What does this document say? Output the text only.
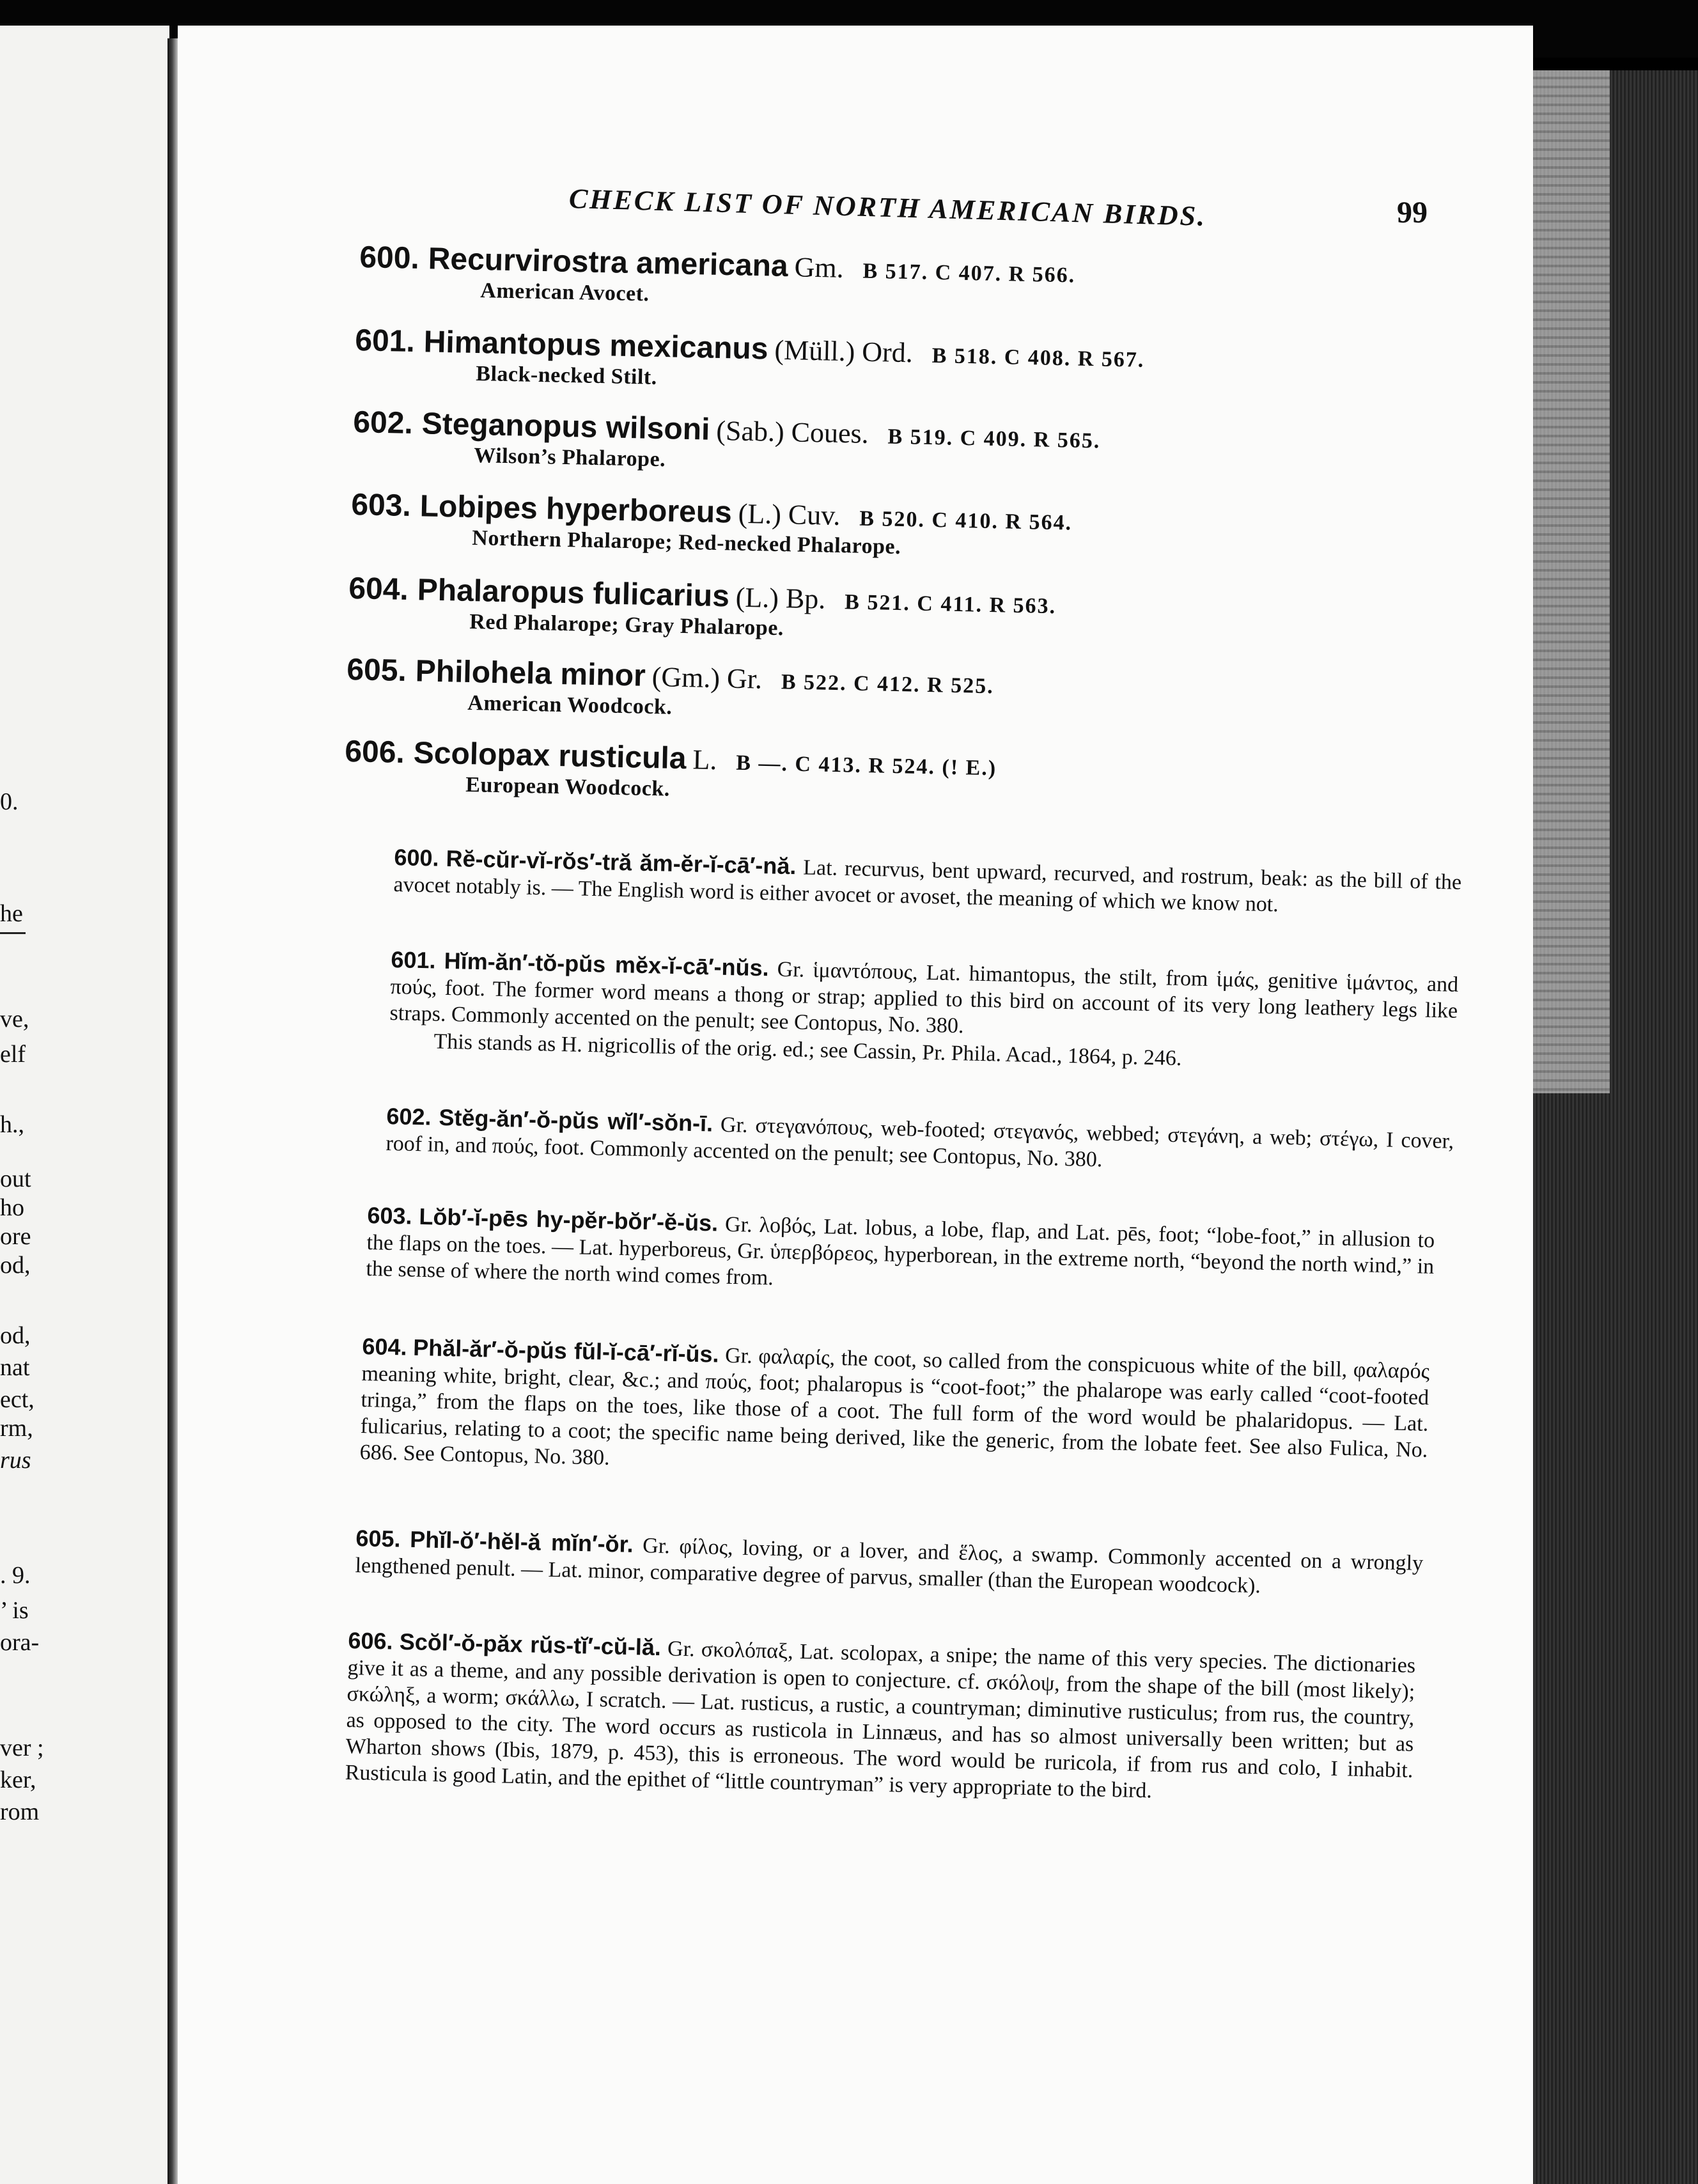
0.
he
ve,
elf
h.,
out
ho
ore
od,
od,
nat
ect,
rm,
rus
. 9.
’ is
ora-
ver ;
ker,
rom
CHECK LIST OF NORTH AMERICAN BIRDS.	99
600. Recurvirostra americana Gm. B 517. C 407. R 566.
American Avocet.
601. Himantopus mexicanus (Müll.) Ord. B 518. C 408. R 567.
Black-necked Stilt.
602. Steganopus wilsoni (Sab.) Coues. B 519. C 409. R 565.
Wilson’s Phalarope.
603. Lobipes hyperboreus (L.) Cuv. B 520. C 410. R 564.
Northern Phalarope; Red-necked Phalarope.
604. Phalaropus fulicarius (L.) Bp. B 521. C 411. R 563.
Red Phalarope; Gray Phalarope.
605. Philohela minor (Gm.) Gr. B 522. C 412. R 525.
American Woodcock.
606. Scolopax rusticula L. B —. C 413. R 524. (! E.)
European Woodcock.
600. Rĕ-cŭr-vĭ-rŏs′-tră ăm-ĕr-ĭ-cā′-nă. Lat. recurvus, bent upward, recurved, and rostrum, beak: as the bill of the avocet notably is. — The English word is either avocet or avoset, the meaning of which we know not.
601. Hĭm-ăn′-tŏ-pŭs mĕx-ĭ-cā′-nŭs. Gr. ἱμαντόπους, Lat. himantopus, the stilt, from ἱμάς, genitive ἱμάντος, and πούς, foot. The former word means a thong or strap; applied to this bird on account of its very long leathery legs like straps. Commonly accented on the penult; see Contopus, No. 380.
This stands as H. nigricollis of the orig. ed.; see Cassin, Pr. Phila. Acad., 1864, p. 246.
602. Stĕg-ăn′-ŏ-pŭs wĭl′-sŏn-ī. Gr. στεγανόπους, web-footed; στεγανός, webbed; στεγάνη, a web; στέγω, I cover, roof in, and πούς, foot. Commonly accented on the penult; see Contopus, No. 380.
603. Lŏb′-ĭ-pēs hy-pĕr-bŏr′-ĕ-ŭs. Gr. λοβός, Lat. lobus, a lobe, flap, and Lat. pēs, foot; “lobe-foot,” in allusion to the flaps on the toes. — Lat. hyperboreus, Gr. ὑπερβόρεος, hyperborean, in the extreme north, “beyond the north wind,” in the sense of where the north wind comes from.
604. Phăl-ăr′-ŏ-pŭs fŭl-ĭ-cā′-rĭ-ŭs. Gr. φαλαρίς, the coot, so called from the conspicuous white of the bill, φαλαρός meaning white, bright, clear, &c.; and πούς, foot; phalaropus is “coot-foot;” the phalarope was early called “coot-footed tringa,” from the flaps on the toes, like those of a coot. The full form of the word would be phalaridopus. — Lat. fulicarius, relating to a coot; the specific name being derived, like the generic, from the lobate feet. See also Fulica, No. 686. See Contopus, No. 380.
605. Phĭl-ŏ′-hĕl-ă mĭn′-ŏr. Gr. φίλος, loving, or a lover, and ἕλος, a swamp. Commonly accented on a wrongly lengthened penult. — Lat. minor, comparative degree of parvus, smaller (than the European woodcock).
606. Scŏl′-ŏ-păx rŭs-tĭ′-cŭ-lă. Gr. σκολόπαξ, Lat. scolopax, a snipe; the name of this very species. The dictionaries give it as a theme, and any possible derivation is open to conjecture. cf. σκόλοψ, from the shape of the bill (most likely); σκώληξ, a worm; σκάλλω, I scratch. — Lat. rusticus, a rustic, a countryman; diminutive rusticulus; from rus, the country, as opposed to the city. The word occurs as rusticola in Linnæus, and has so almost universally been written; but as Wharton shows (Ibis, 1879, p. 453), this is erroneous. The word would be ruricola, if from rus and colo, I inhabit. Rusticula is good Latin, and the epithet of “little countryman” is very appropriate to the bird.
